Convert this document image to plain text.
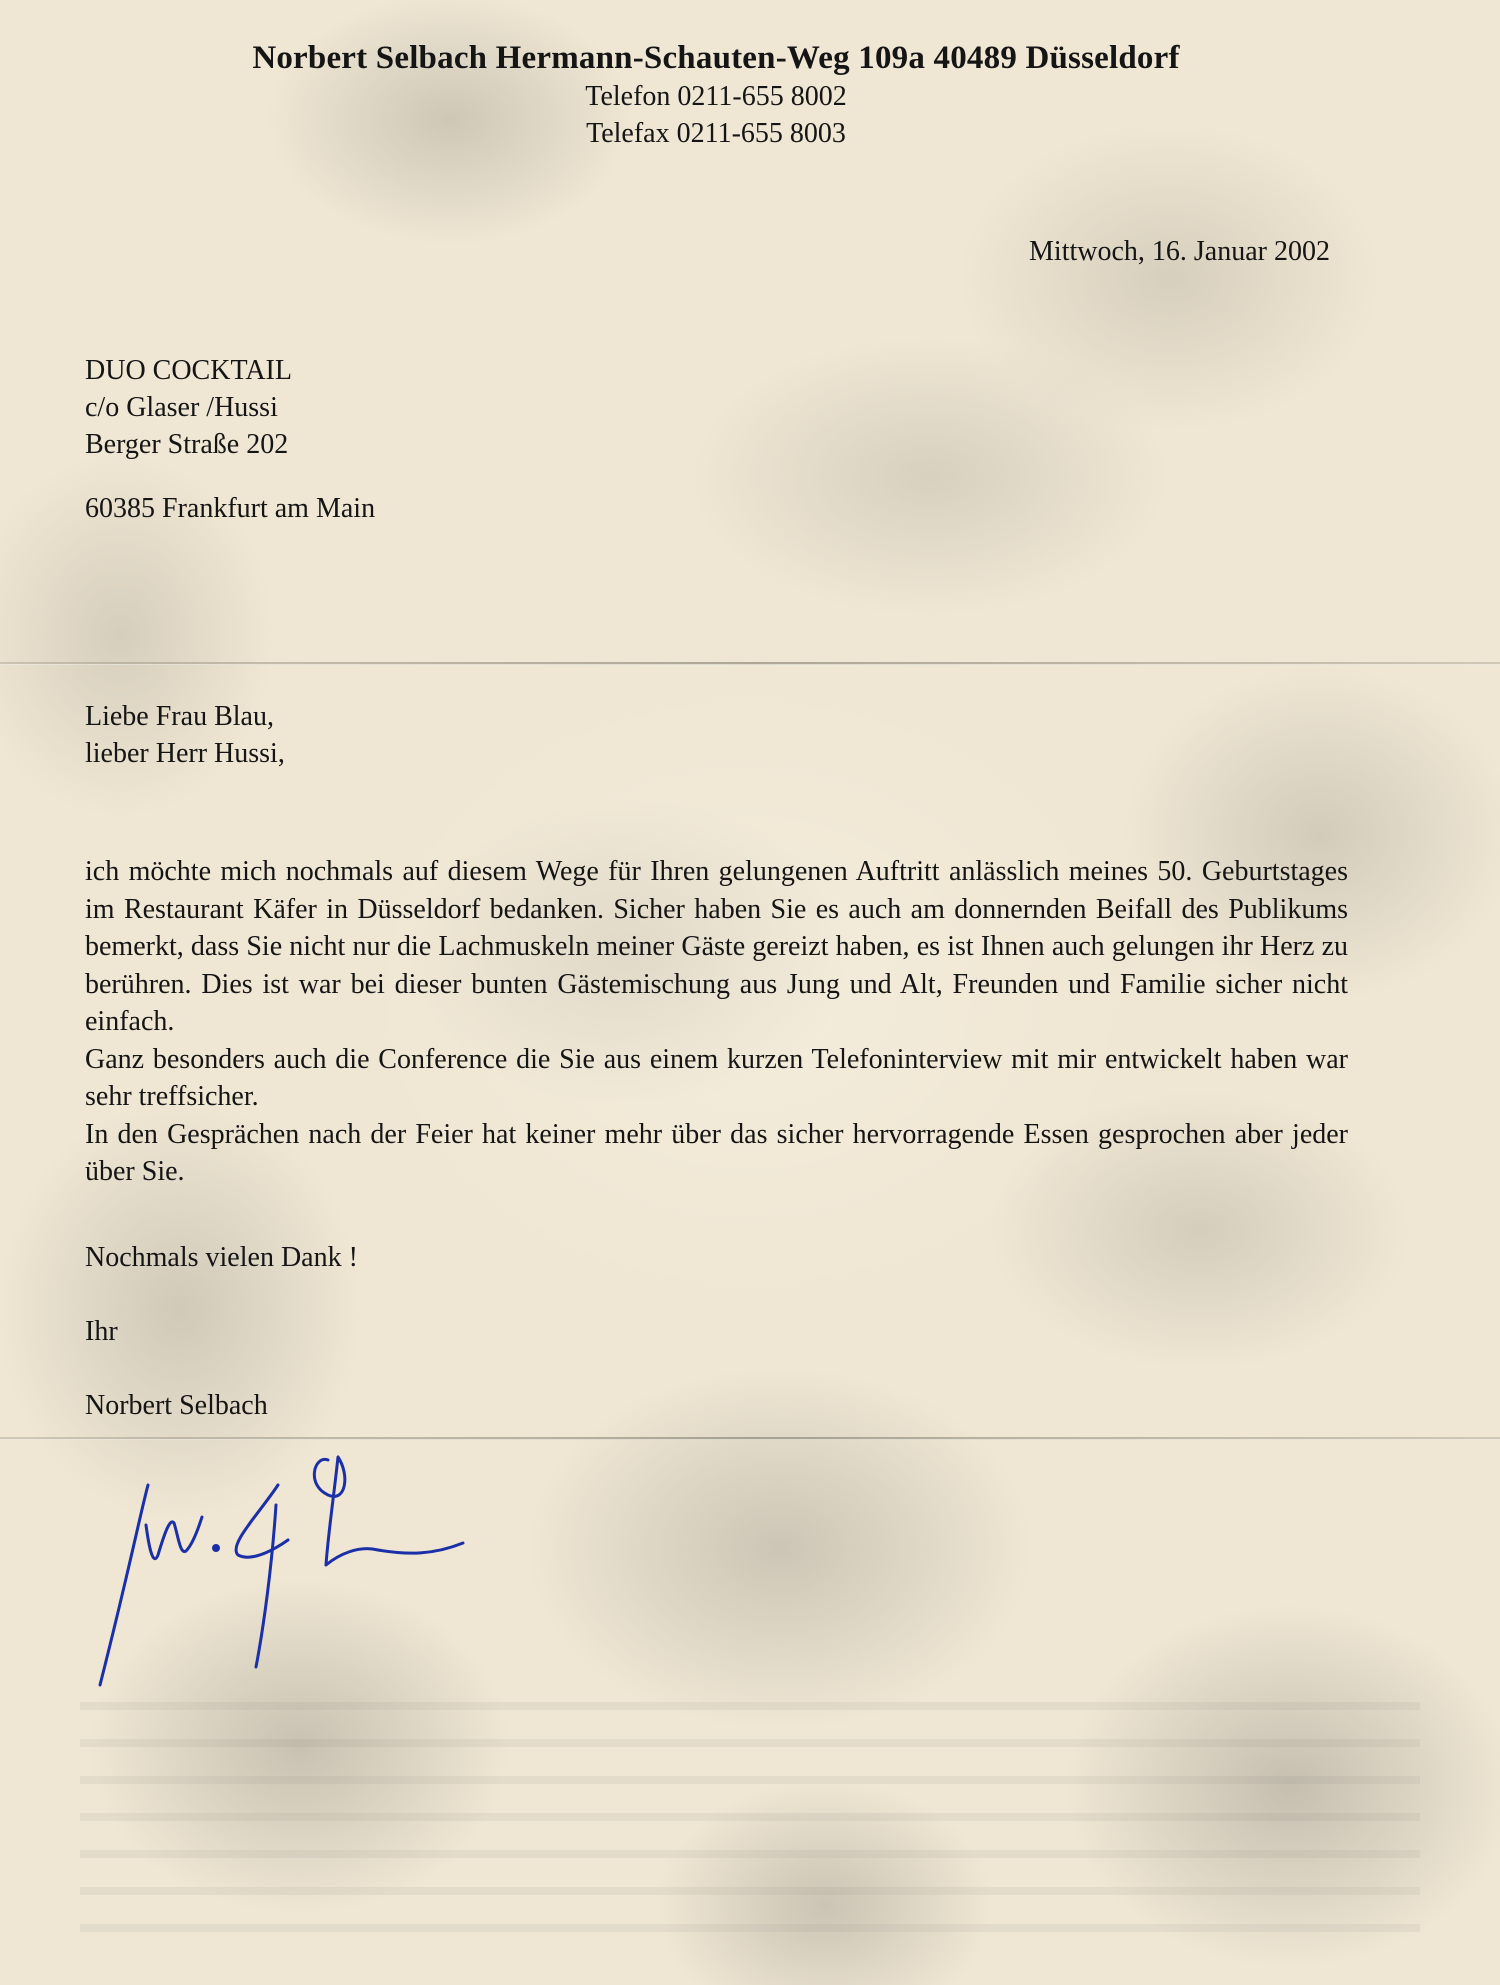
Norbert Selbach Hermann-Schauten-Weg 109a 40489 Düsseldorf
Telefon 0211-655 8002
Telefax 0211-655 8003
Mittwoch, 16. Januar 2002
DUO COCKTAIL
c/o Glaser /Hussi
Berger Straße 202
60385 Frankfurt am Main
Liebe Frau Blau,
lieber Herr Hussi,

ich möchte mich nochmals auf diesem Wege für Ihren gelungenen Auftritt anlässlich meines 50. Geburtstages im Restaurant Käfer in Düsseldorf bedanken. Sicher haben Sie es auch am donnernden Beifall des Publikums bemerkt, dass Sie nicht nur die Lachmuskeln meiner Gäste gereizt haben, es ist Ihnen auch gelungen ihr Herz zu berühren. Dies ist war bei dieser bunten Gästemischung aus Jung und Alt, Freunden und Familie sicher nicht einfach.

Ganz besonders auch die Conference die Sie aus einem kurzen Telefoninterview mit mir entwickelt haben war sehr treffsicher.

In den Gesprächen nach der Feier hat keiner mehr über das sicher hervorragende Essen gesprochen aber jeder über Sie.

Nochmals vielen Dank !
Ihr
Norbert Selbach
